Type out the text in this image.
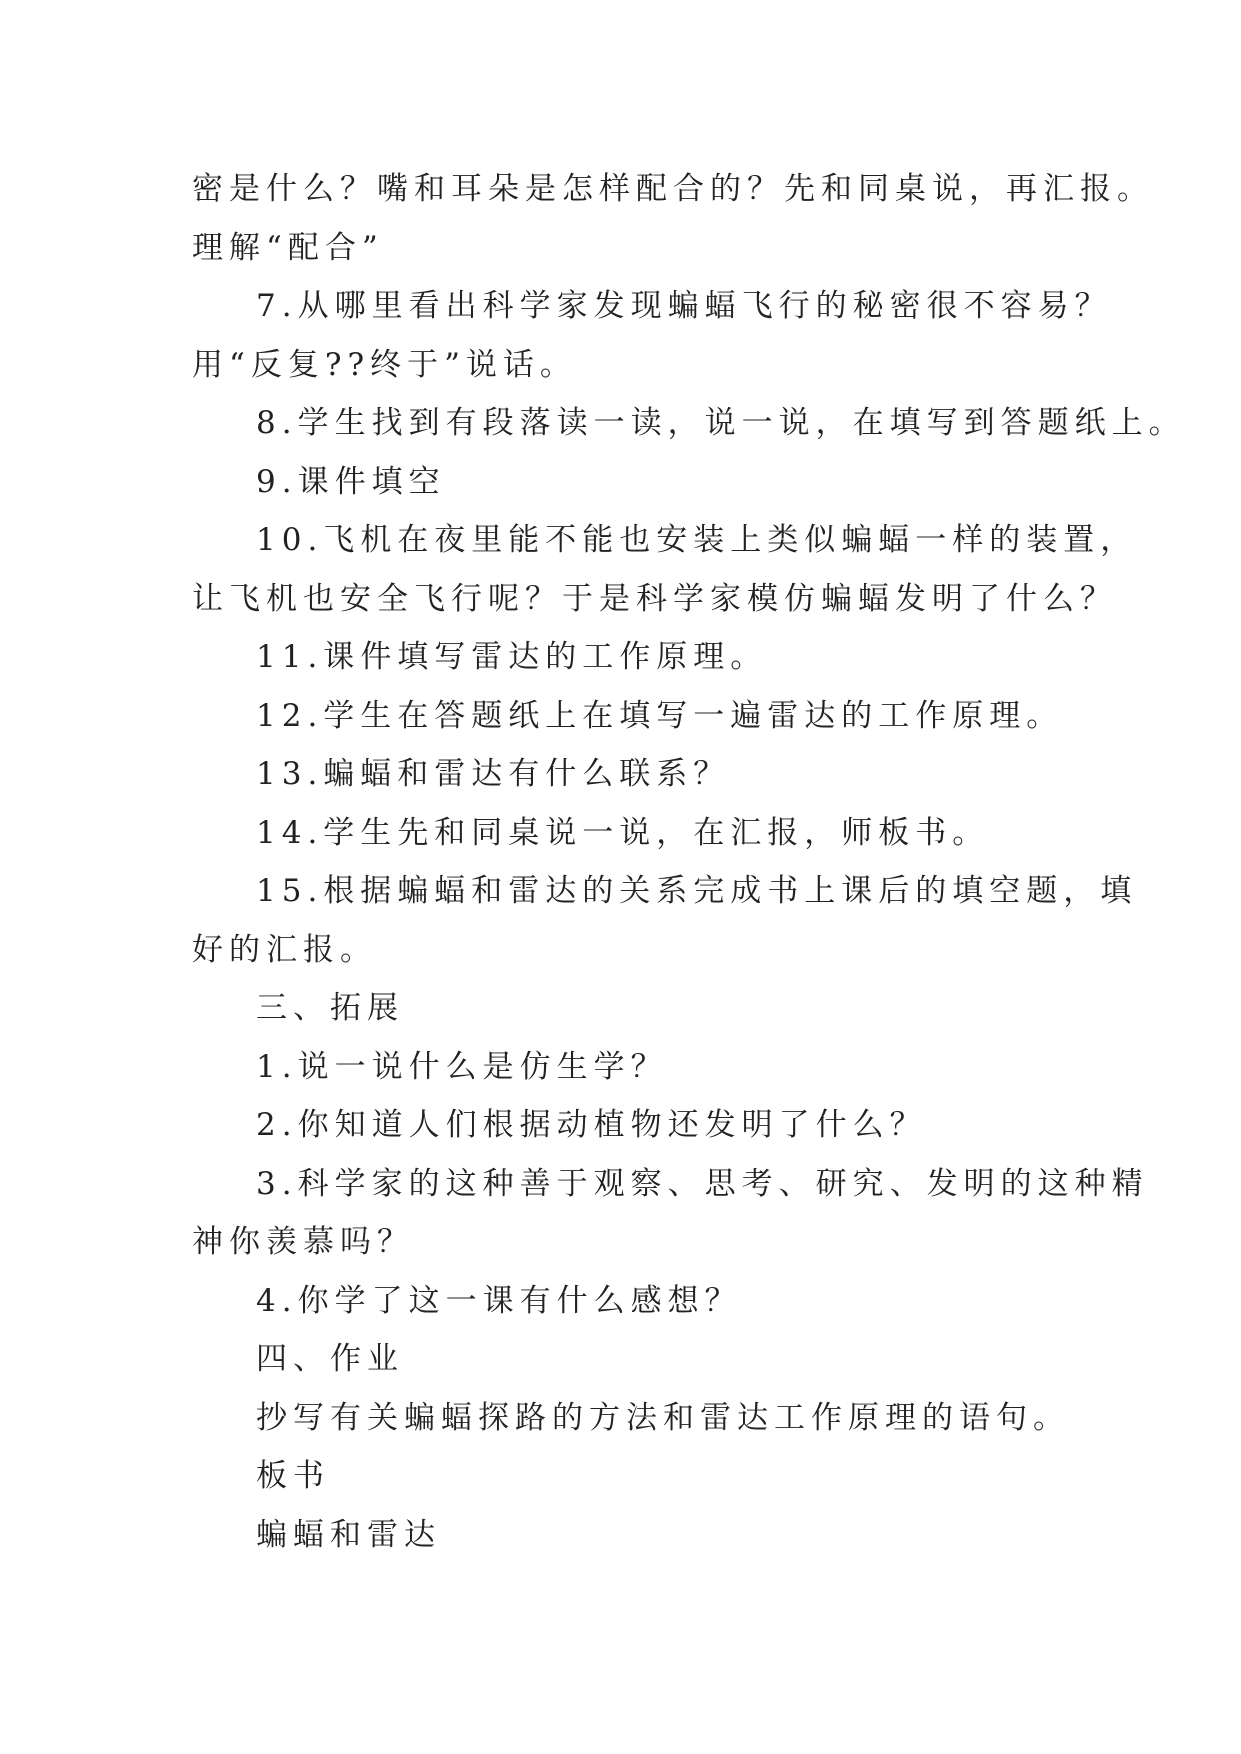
密是什么？嘴和耳朵是怎样配合的？先和同桌说，再汇报。
理解“配合”
7.从哪里看出科学家发现蝙蝠飞行的秘密很不容易？
用“反复??终于”说话。
8.学生找到有段落读一读，说一说，在填写到答题纸上。
9.课件填空
10.飞机在夜里能不能也安装上类似蝙蝠一样的装置，
让飞机也安全飞行呢？于是科学家模仿蝙蝠发明了什么？
11.课件填写雷达的工作原理。
12.学生在答题纸上在填写一遍雷达的工作原理。
13.蝙蝠和雷达有什么联系？
14.学生先和同桌说一说，在汇报，师板书。
15.根据蝙蝠和雷达的关系完成书上课后的填空题，填
好的汇报。
三、拓展
1.说一说什么是仿生学？
2.你知道人们根据动植物还发明了什么？
3.科学家的这种善于观察、思考、研究、发明的这种精
神你羡慕吗？
4.你学了这一课有什么感想？
四、作业
抄写有关蝙蝠探路的方法和雷达工作原理的语句。
板书
蝙蝠和雷达
